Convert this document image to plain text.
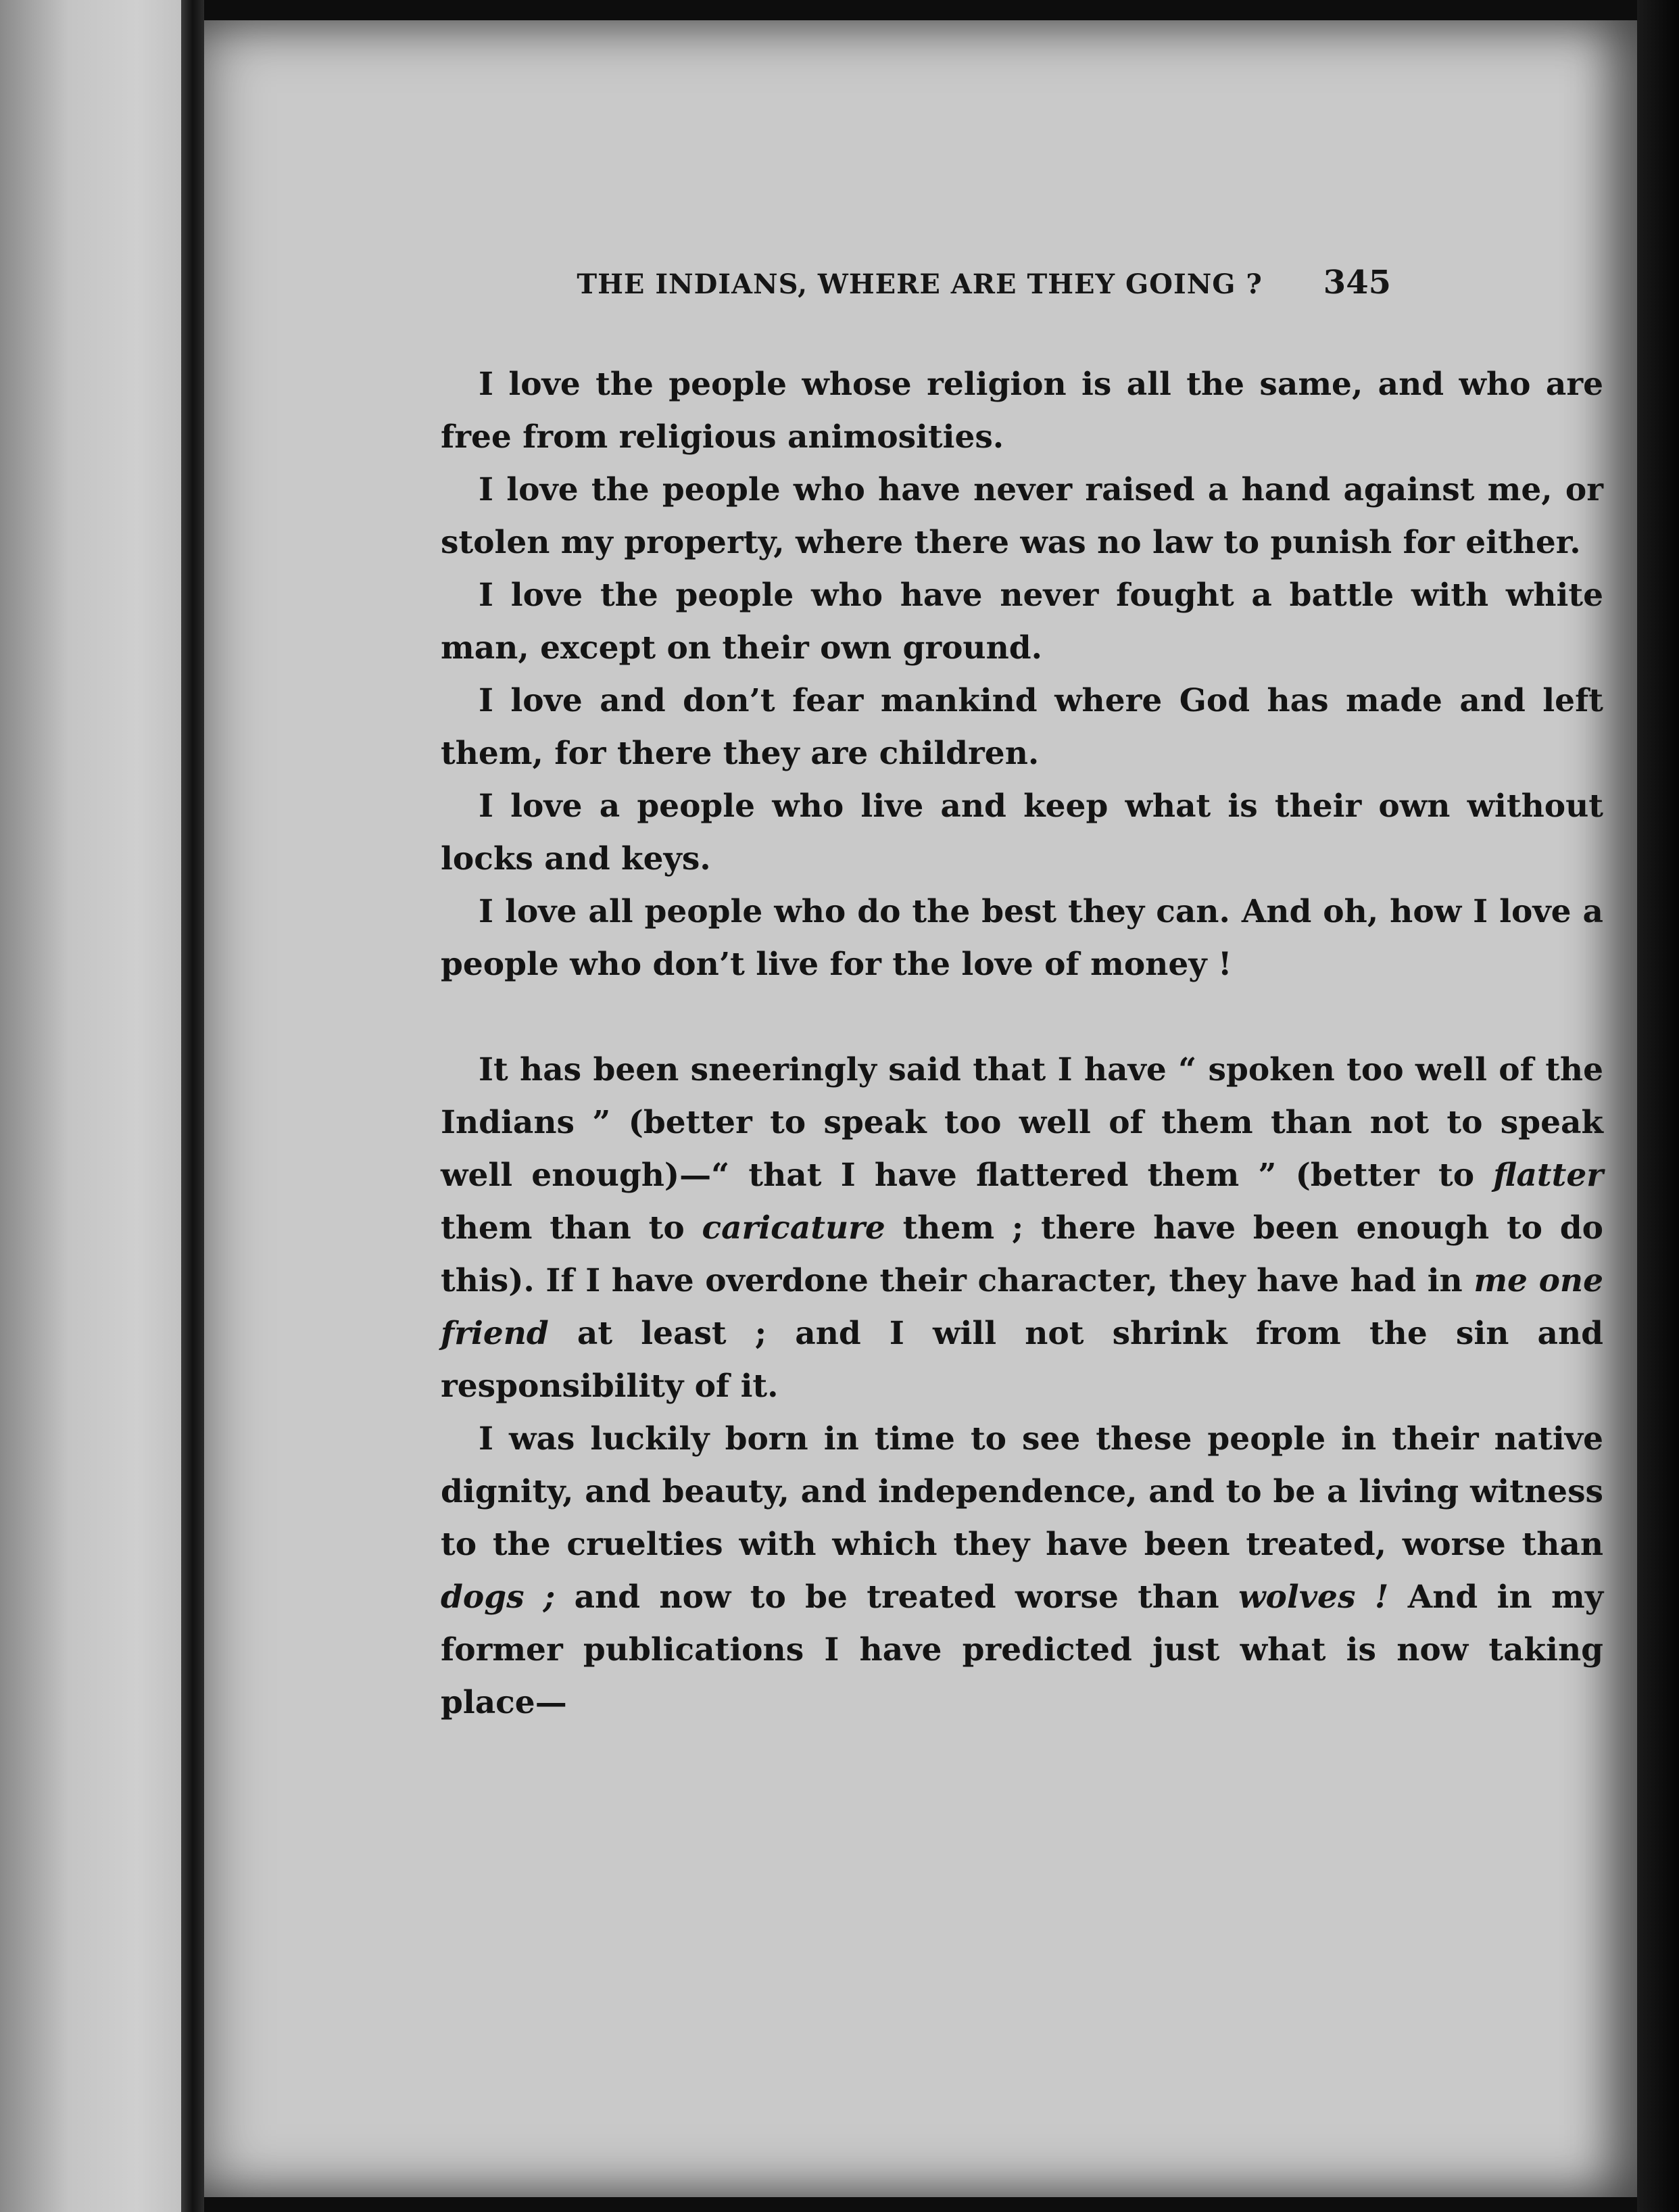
THE INDIANS, WHERE ARE THEY GOING ? 345

I love the people whose religion is all the same, and who are free from religious animosities.

I love the people who have never raised a hand against me, or stolen my property, where there was no law to punish for either.

I love the people who have never fought a battle with white man, except on their own ground.

I love and don’t fear mankind where God has made and left them, for there they are children.

I love a people who live and keep what is their own without locks and keys.

I love all people who do the best they can. And oh, how I love a people who don’t live for the love of money !

It has been sneeringly said that I have “ spoken too well of the Indians ” (better to speak too well of them than not to speak well enough)—“ that I have flattered them ” (better to flatter them than to caricature them ; there have been enough to do this). If I have overdone their character, they have had in me one friend at least ; and I will not shrink from the sin and responsibility of it.

I was luckily born in time to see these people in their native dignity, and beauty, and independence, and to be a living witness to the cruelties with which they have been treated, worse than dogs ; and now to be treated worse than wolves ! And in my former publications I have predicted just what is now taking place—
